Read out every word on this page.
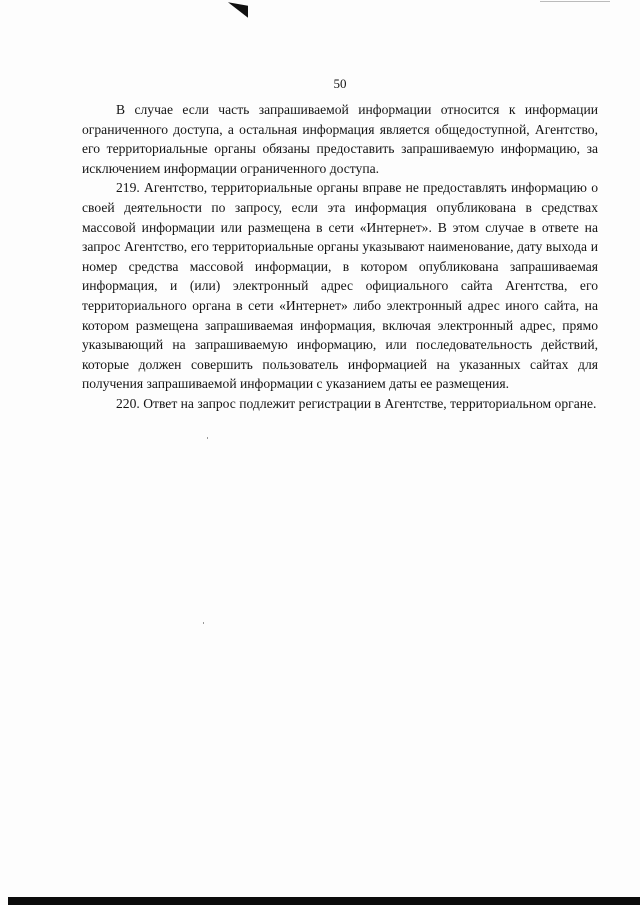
50

В случае если часть запрашиваемой информации относится к информации ограниченного доступа, а остальная информация является общедоступной, Агентство, его территориальные органы обязаны предоставить запрашиваемую информацию, за исключением информации ограниченного доступа.

219. Агентство, территориальные органы вправе не предоставлять информацию о своей деятельности по запросу, если эта информация опубликована в средствах массовой информации или размещена в сети «Интернет». В этом случае в ответе на запрос Агентство, его территориальные органы указывают наименование, дату выхода и номер средства массовой информации, в котором опубликована запрашиваемая информация, и (или) электронный адрес официального сайта Агентства, его территориального органа в сети «Интернет» либо электронный адрес иного сайта, на котором размещена запрашиваемая информация, включая электронный адрес, прямо указывающий на запрашиваемую информацию, или последовательность действий, которые должен совершить пользователь информацией на указанных сайтах для получения запрашиваемой информации с указанием даты ее размещения.

220. Ответ на запрос подлежит регистрации в Агентстве, территориальном органе.
